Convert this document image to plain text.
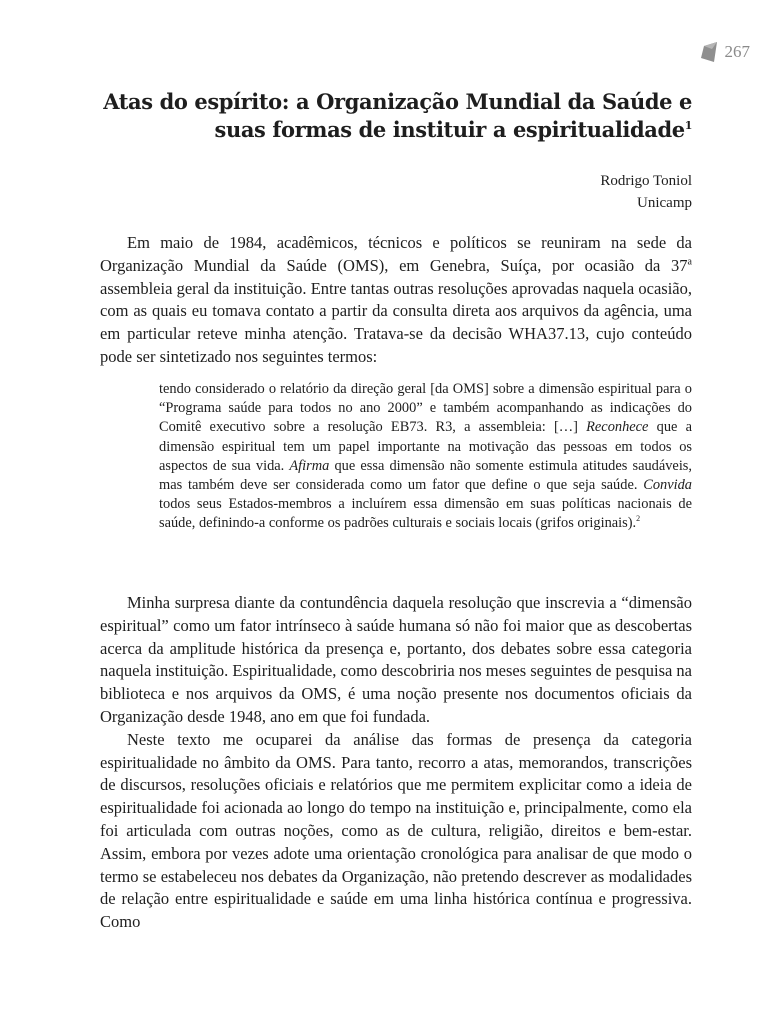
267
Atas do espírito: a Organização Mundial da Saúde e
suas formas de instituir a espiritualidade$^1$
Rodrigo Toniol
Unicamp

Em maio de 1984, acadêmicos, técnicos e políticos se reuniram na sede da Organização Mundial da Saúde (OMS), em Genebra, Suíça, por ocasião da 37$^a$ assembleia geral da instituição. Entre tantas outras resoluções aprovadas naquela ocasião, com as quais eu tomava contato a partir da consulta direta aos arquivos da agência, uma em particular reteve minha atenção. Tratava-se da decisão WHA37.13, cujo conteúdo pode ser sintetizado nos seguintes termos:

tendo considerado o relatório da direção geral [da OMS] sobre a dimensão espiritual para o “Programa saúde para todos no ano 2000” e também acompanhando as indicações do Comitê executivo sobre a resolução EB73. R3, a assembleia: […] Reconhece que a dimensão espiritual tem um papel importante na motivação das pessoas em todos os aspectos de sua vida. Afirma que essa dimensão não somente estimula atitudes saudáveis, mas também deve ser considerada como um fator que define o que seja saúde. Convida todos seus Estados-membros a incluírem essa dimensão em suas políticas nacionais de saúde, definindo-a conforme os padrões culturais e sociais locais (grifos originais).$^2$

Minha surpresa diante da contundência daquela resolução que inscrevia a “dimensão espiritual” como um fator intrínseco à saúde humana só não foi maior que as descobertas acerca da amplitude histórica da presença e, portanto, dos debates sobre essa categoria naquela instituição. Espiritualidade, como descobriria nos meses seguintes de pesquisa na biblioteca e nos arquivos da OMS, é uma noção presente nos documentos oficiais da Organização desde 1948, ano em que foi fundada.

Neste texto me ocuparei da análise das formas de presença da categoria espiritualidade no âmbito da OMS. Para tanto, recorro a atas, memorandos, transcrições de discursos, resoluções oficiais e relatórios que me permitem explicitar como a ideia de espiritualidade foi acionada ao longo do tempo na instituição e, principalmente, como ela foi articulada com outras noções, como as de cultura, religião, direitos e bem-estar. Assim, embora por vezes adote uma orientação cronológica para analisar de que modo o termo se estabeleceu nos debates da Organização, não pretendo descrever as modalidades de relação entre espiritualidade e saúde em uma linha histórica contínua e progressiva. Como
